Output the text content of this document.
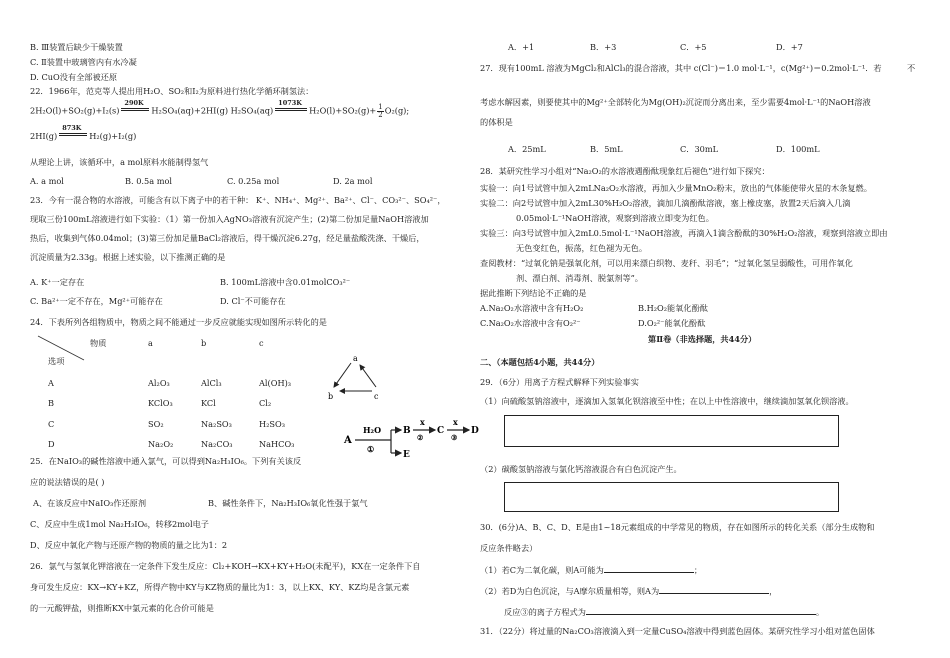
B. Ⅲ装置后缺少干燥装置
C. Ⅱ装置中玻璃管内有水冷凝
D. CuO没有全部被还原
22．1966年，范克等人提出用H₂O、SO₂和I₂为原料进行热化学循环制氢法：
2H₂O(l)+SO₂(g)+I₂(s)
290K
H₂SO₄(aq)+2HI(g) H₂SO₄(aq)
1073K
$H_2O(l)+SO_2(g)+ \frac{1}{2} O_2(g)$;
2HI(g)
873K
H₂(g)+I₂(g)
从理论上讲，该循环中，a mol原料水能制得氢气
A. a mol	B. 0.5a mol	C. 0.25a mol	D. 2a mol
23．今有一混合物的水溶液，可能含有以下离子中的若干种： K⁺、NH₄⁺、Mg²⁺、Ba²⁺、Cl⁻、CO₃²⁻、SO₄²⁻，
现取三份100mL溶液进行如下实验：（1）第一份加入AgNO₃溶液有沉淀产生；(2)第二份加足量NaOH溶液加
热后，收集到气体0.04mol；(3)第三份加足量BaCl₂溶液后，得干燥沉淀6.27g，经足量盐酸洗涤、干燥后，
沉淀质量为2.33g。根据上述实验，以下推测正确的是
A. K⁺一定存在	B. 100mL溶液中含0.01molCO₃²⁻
C. Ba²⁺一定不存在，Mg²⁺可能存在	D. Cl⁻不可能存在
24．下表所列各组物质中，物质之间不能通过一步反应就能实现如图所示转化的是
物质	a	b	c
选项
A	Al₂O₃	AlCl₃	Al(OH)₃
B	KClO₃	KCl	Cl₂
C	SO₂	Na₂SO₃	H₂SO₃
D	Na₂O₂	Na₂CO₃	NaHCO₃
a
b	c
A
H₂O
①
B
E
x
②
C
x
③
D
25．在NaIO₃的碱性溶液中通入氯气，可以得到Na₂H₃IO₆。下列有关该反
应的说法错误的是( )
A、在该反应中NaIO₃作还原剂	B、碱性条件下，Na₂H₃IO₆氧化性强于氯气
C、反应中生成1mol Na₂H₃IO₆，转移2mol电子
D、反应中氧化产物与还原产物的物质的量之比为1：2
26．氯气与氢氧化钾溶液在一定条件下发生反应：Cl₂+KOH→KX+KY+H₂O(未配平)，KX在一定条件下自
身可发生反应：KX→KY+KZ，所得产物中KY与KZ物质的量比为1：3，以上KX、KY、KZ均是含氯元素
的一元酸钾盐，则推断KX中氯元素的化合价可能是
A．+1	B．+3	C．+5	D．+7
27．现有100mL 溶液为MgCl₂和AlCl₃的混合溶液，其中 c(Cl⁻)＝1.0 mol·L⁻¹，c(Mg²⁺)＝0.2mol·L⁻¹．若	不
考虑水解因素，则要使其中的Mg²⁺全部转化为Mg(OH)₂沉淀而分离出来，至少需要4mol·L⁻¹的NaOH溶液
的体积是
A．25mL	B．5mL	C．30mL	D．100mL
28．某研究性学习小组对“Na₂O₂的水溶液遇酚酞现象红后褪色”进行如下探究：
实验一：向1号试管中加入2mLNa₂O₂水溶液，再加入少量MnO₂粉末，放出的气体能使带火星的木条复燃。
实验二：向2号试管中加入2mL30%H₂O₂溶液，滴加几滴酚酞溶液，塞上橡皮塞，放置2天后滴入几滴
0.05mol·L⁻¹NaOH溶液，观察到溶液立即变为红色。
实验三：向3号试管中加入2mL0.5mol·L⁻¹NaOH溶液，再滴入1滴含酚酞的30%H₂O₂溶液，观察到溶液立即由
无色变红色，振荡，红色褪为无色。
查阅教材：“过氧化钠是强氧化剂，可以用来漂白织物、麦秆、羽毛”；“过氧化氢呈弱酸性，可用作氧化
剂、漂白剂、消毒剂、脱氯剂等”。
据此推断下列结论不正确的是
A.Na₂O₂水溶液中含有H₂O₂	B.H₂O₂能氧化酚酞
C.Na₂O₂水溶液中含有O₂²⁻	D.O₂²⁻能氧化酚酞
第Ⅱ卷（非选择题，共44分）
二、（本题包括4小题，共44分）
29．（6分）用离子方程式解释下列实验事实
（1）向硫酸氢钠溶液中，逐滴加入氢氧化钡溶液至中性；在以上中性溶液中，继续滴加氢氧化钡溶液。
（2）碳酸氢钠溶液与氯化钙溶液混合有白色沉淀产生。
30．(6分)A、B、C、D、E是由1~18元素组成的中学常见的物质，存在如图所示的转化关系（部分生成物和
反应条件略去）
（1）若C为二氧化碳，则A可能为	；
（2）若D为白色沉淀，与A摩尔质量相等，则A为	，
反应③的离子方程式为	。
31．（22分）将过量的Na₂CO₃溶液滴入到一定量CuSO₄溶液中得到蓝色固体。某研究性学习小组对蓝色固体
